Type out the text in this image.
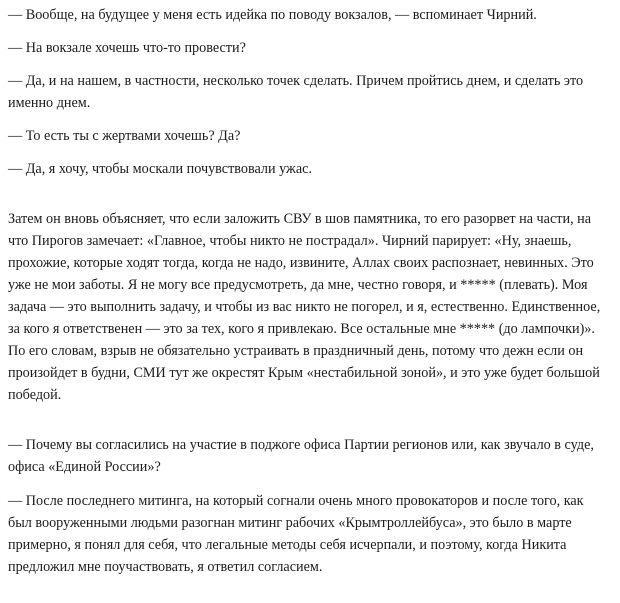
— Вообще, на будущее у меня есть идейка по поводу вокзалов, — вспоминает Чирний.

— На вокзале хочешь что-то провести?

— Да, и на нашем, в частности, несколько точек сделать. Причем пройтись днем, и сделать это именно днем.

— То есть ты с жертвами хочешь? Да?

— Да, я хочу, чтобы москали почувствовали ужас.

Затем он вновь объясняет, что если заложить СВУ в шов памятника, то его разорвет на части, на что Пирогов замечает: «Главное, чтобы никто не пострадал». Чирний парирует: «Ну, знаешь, прохожие, которые ходят тогда, когда не надо, извините, Аллах своих распознает, невинных. Это уже не мои заботы. Я не могу все предусмотреть, да мне, честно говоря, и ***** (плевать). Моя задача — это выполнить задачу, и чтобы из вас никто не погорел, и я, естественно. Единственное, за кого я ответственен — это за тех, кого я привлекаю. Все остальные мне ***** (до лампочки)». По его словам, взрыв не обязательно устраивать в праздничный день, потому что дежн если он произойдет в будни, СМИ тут же окрестят Крым «нестабильной зоной», и это уже будет большой победой.

— Почему вы согласились на участие в поджоге офиса Партии регионов или, как звучало в суде, офиса «Единой России»?

— После последнего митинга, на который согнали очень много провокаторов и после того, как был вооруженными людьми разогнан митинг рабочих «Крымтроллейбуса», это было в марте примерно, я понял для себя, что легальные методы себя исчерпали, и поэтому, когда Никита предложил мне поучаствовать, я ответил согласием.
